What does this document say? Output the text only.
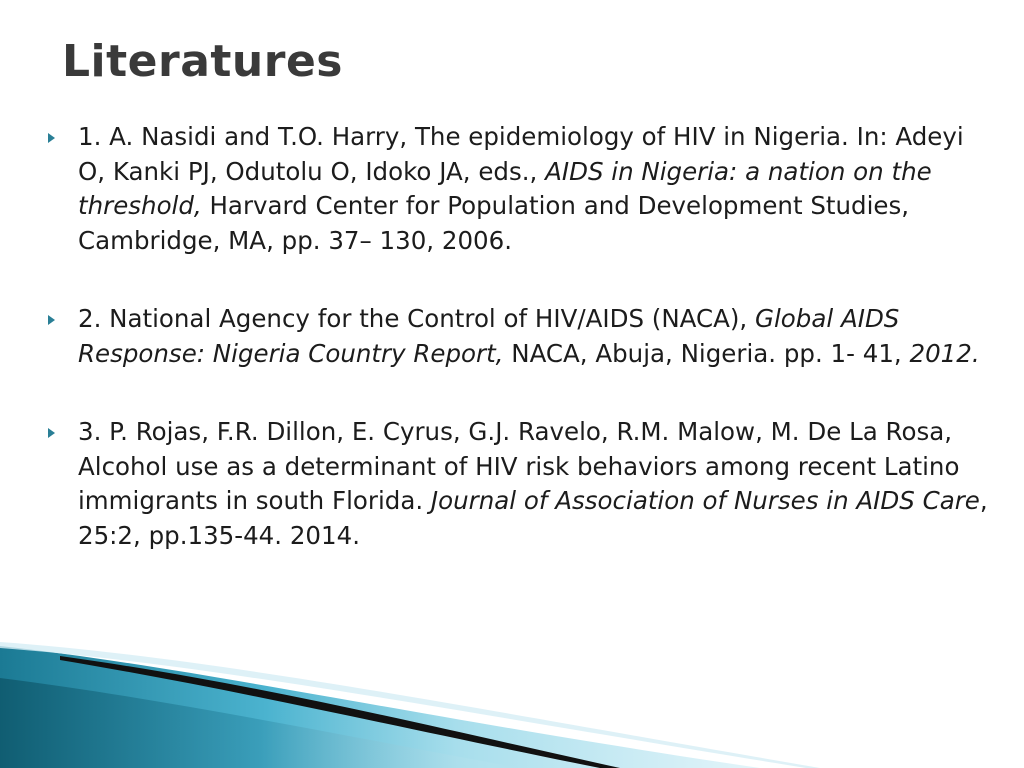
Literatures
1. A. Nasidi and T.O. Harry, The epidemiology of HIV in Nigeria. In: Adeyi O, Kanki PJ, Odutolu O, Idoko JA, eds., AIDS in Nigeria: a nation on the threshold, Harvard Center for Population and Development Studies, Cambridge, MA, pp. 37– 130, 2006.
2. National Agency for the Control of HIV/AIDS (NACA), Global AIDS Response: Nigeria Country Report, NACA, Abuja, Nigeria. pp. 1- 41, 2012.
3. P. Rojas, F.R. Dillon, E. Cyrus, G.J. Ravelo, R.M. Malow, M. De La Rosa, Alcohol use as a determinant of HIV risk behaviors among recent Latino immigrants in south Florida. Journal of Association of Nurses in AIDS Care, 25:2, pp.135-44. 2014.
